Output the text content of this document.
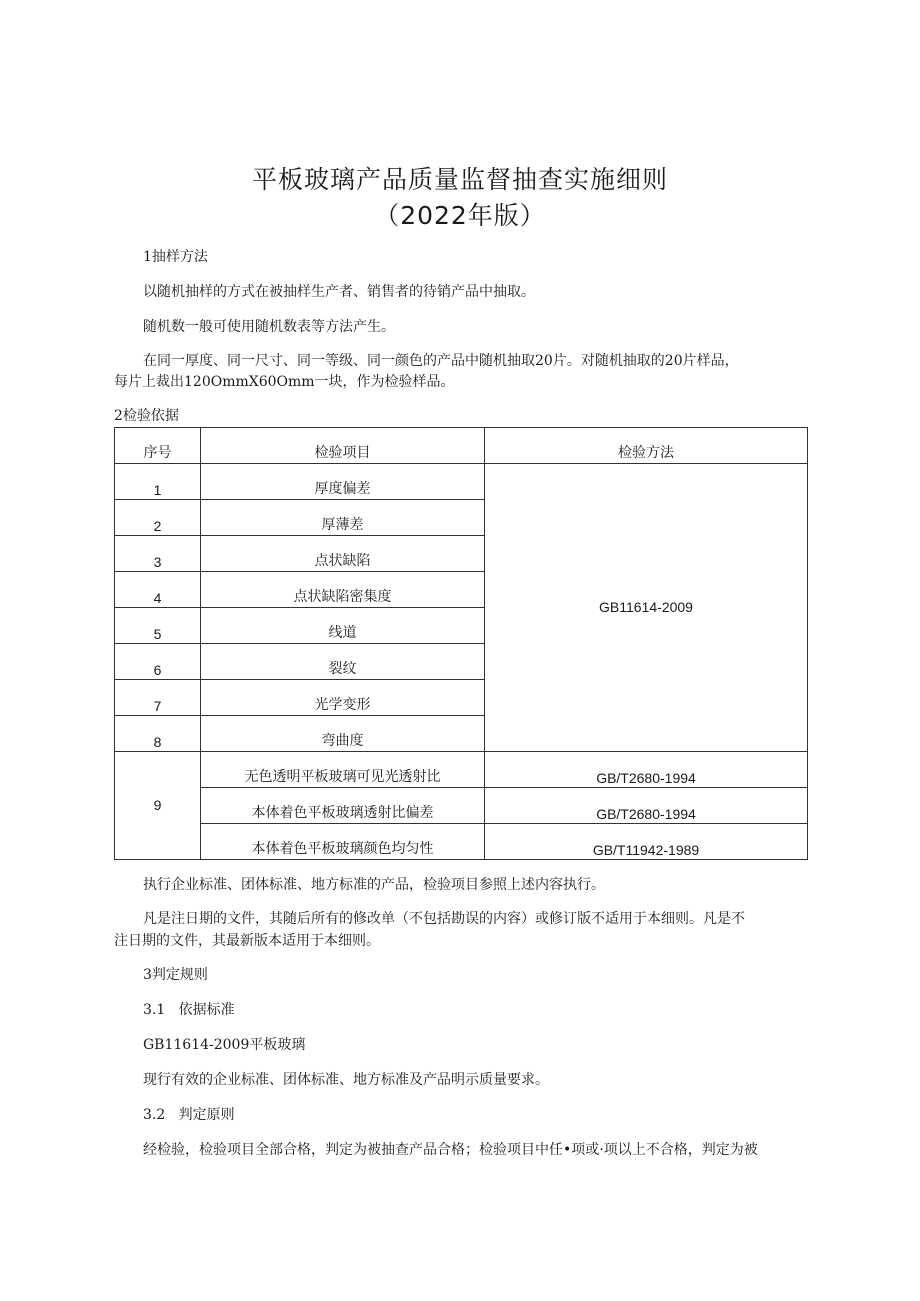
平板玻璃产品质量监督抽查实施细则
（2022年版）
1抽样方法
以随机抽样的方式在被抽样生产者、销售者的待销产品中抽取。
随机数一般可使用随机数表等方法产生。
在同一厚度、同一尺寸、同一等级、同一颜色的产品中随机抽取20片。对随机抽取的20片样品，
每片上裁出120OmmX60Omm一块，作为检验样品。
2检验依据
序号	检验项目	检验方法
1	厚度偏差	GB11614-2009
2	厚薄差	
3	点状缺陷	
4	点状缺陷密集度	
5	线道	
6	裂纹	
7	光学变形	
8	弯曲度	
9	无色透明平板玻璃可见光透射比	GB/T2680-1994
	本体着色平板玻璃透射比偏差	GB/T2680-1994
	本体着色平板玻璃颜色均匀性	GB/T11942-1989
执行企业标准、团体标准、地方标准的产品，检验项目参照上述内容执行。
凡是注日期的文件，其随后所有的修改单（不包括勘误的内容）或修订版不适用于本细则。凡是不
注日期的文件，其最新版本适用于本细则。
3判定规则
3.1   依据标准
GB11614-2009平板玻璃
现行有效的企业标准、团体标准、地方标准及产品明示质量要求。
3.2   判定原则
经检验，检验项目全部合格，判定为被抽查产品合格；检验项目中任•项或·项以上不合格，判定为被
